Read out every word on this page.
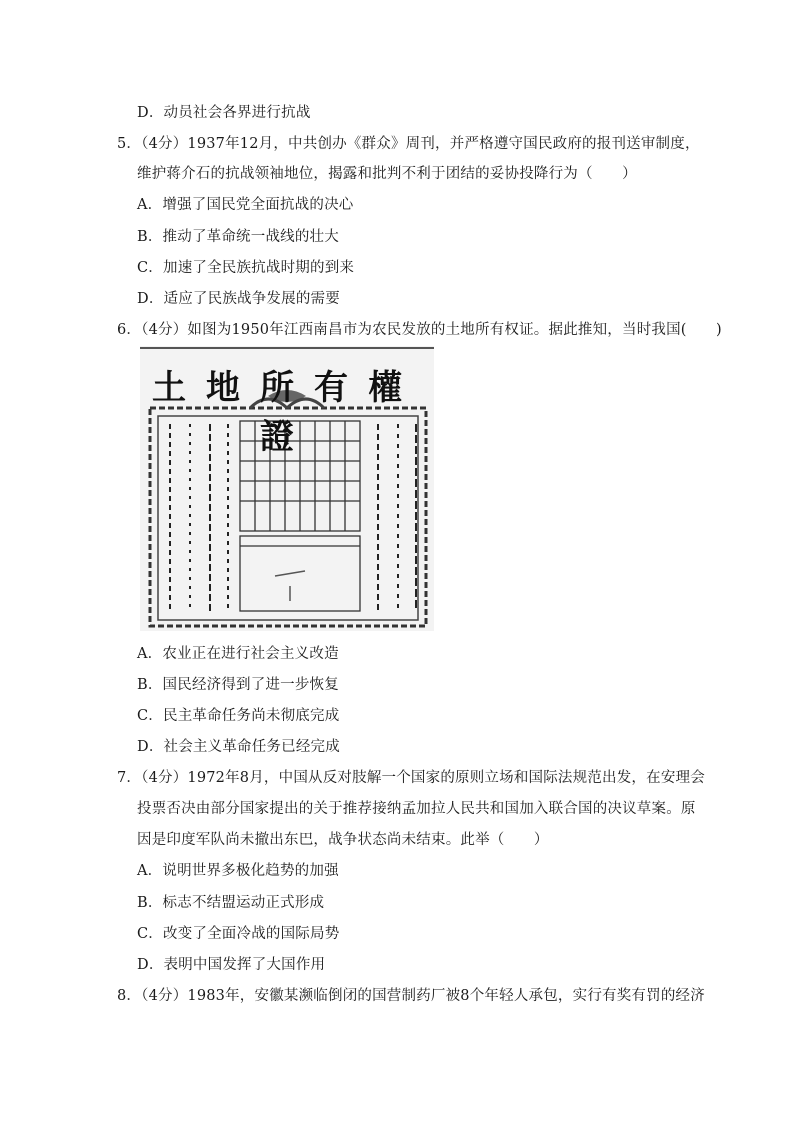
D．动员社会各界进行抗战
5．（4分）1937年12月，中共创办《群众》周刊，并严格遵守国民政府的报刊送审制度，
维护蒋介石的抗战领袖地位，揭露和批判不利于团结的妥协投降行为（　　）
A．增强了国民党全面抗战的决心
B．推动了革命统一战线的壮大
C．加速了全民族抗战时期的到来
D．适应了民族战争发展的需要
6．（4分）如图为1950年江西南昌市为农民发放的土地所有权证。据此推知，当时我国(　　)
土地所有權證
A．农业正在进行社会主义改造
B．国民经济得到了进一步恢复
C．民主革命任务尚未彻底完成
D．社会主义革命任务已经完成
7．（4分）1972年8月，中国从反对肢解一个国家的原则立场和国际法规范出发，在安理会
投票否决由部分国家提出的关于推荐接纳孟加拉人民共和国加入联合国的决议草案。原
因是印度军队尚未撤出东巴，战争状态尚未结束。此举（　　）
A．说明世界多极化趋势的加强
B．标志不结盟运动正式形成
C．改变了全面冷战的国际局势
D．表明中国发挥了大国作用
8．（4分）1983年，安徽某濒临倒闭的国营制药厂被8个年轻人承包，实行有奖有罚的经济
